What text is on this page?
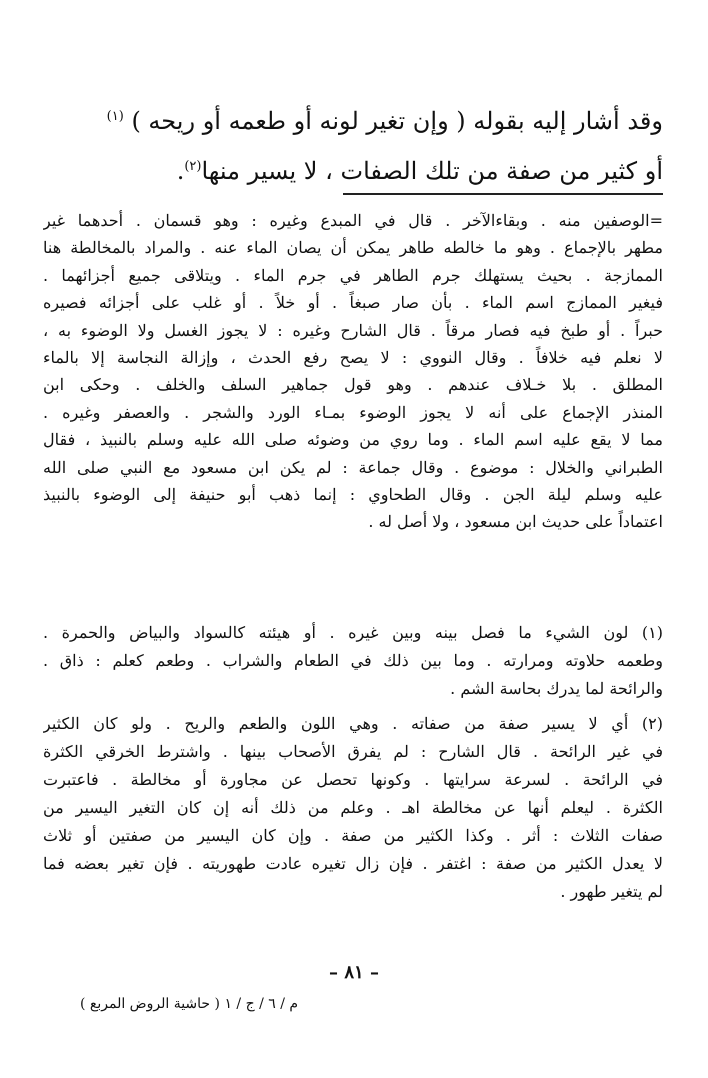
وقد أشار إليه بقوله ( وإن تغير لونه أو طعمه أو ريحه ) $^{(١)}$
أو كثير من صفة من تلك الصفات ، لا يسير منها$^{(٢)}$.
=الوصفين منه . وبقاءالآخر . قال في المبدع وغيره : وهو قسمان . أحدهما غير
مطهر بالإجماع . وهو ما خالطه طاهر يمكن أن يصان الماء عنه . والمراد بالمخالطة هنا
الممازجة . بحيث يستهلك جرم الطاهر في جرم الماء . ويتلاقى جميع أجزائهما .
فيغير الممازج اسم الماء . بأن صار صبغاً . أو خلاً . أو غلب على أجزائه فصيره
حبراً . أو طبخ فيه فصار مرقاً . قال الشارح وغيره : لا يجوز الغسل ولا الوضوء به ،
لا نعلم فيه خلافاً . وقال النووي : لا يصح رفع الحدث ، وإزالة النجاسة إلا بالماء
المطلق . بلا خـلاف عندهم . وهو قول جماهير السلف والخلف . وحكى ابن
المنذر الإجماع على أنه لا يجوز الوضوء بمـاء الورد والشجر . والعصفر وغيره .
مما لا يقع عليه اسم الماء . وما روي من وضوئه صلى الله عليه وسلم بالنبيذ ، فقال
الطبراني والخلال : موضوع . وقال جماعة : لم يكن ابن مسعود مع النبي صلى الله
عليه وسلم ليلة الجن . وقال الطحاوي : إنما ذهب أبو حنيفة إلى الوضوء بالنبيذ
اعتماداً على حديث ابن مسعود ، ولا أصل له .
(١) لون الشيء ما فصل بينه وبين غيره . أو هيئته كالسواد والبياض والحمرة .
وطعمه حلاوته ومرارته . وما بين ذلك في الطعام والشراب . وطعم كعلم : ذاق .
والرائحة لما يدرك بحاسة الشم .
(٢) أي لا يسير صفة من صفاته . وهي اللون والطعم والريح . ولو كان الكثير
في غير الرائحة . قال الشارح : لم يفرق الأصحاب بينها . واشترط الخرقي الكثرة
في الرائحة . لسرعة سرايتها . وكونها تحصل عن مجاورة أو مخالطة . فاعتبرت
الكثرة . ليعلم أنها عن مخالطة اهـ . وعلم من ذلك أنه إن كان التغير اليسير من
صفات الثلاث : أثر . وكذا الكثير من صفة . وإن كان اليسير من صفتين أو ثلاث
لا يعدل الكثير من صفة : اغتفر . فإن زال تغيره عادت طهوريته . فإن تغير بعضه فما
لم يتغير طهور .
– ٨١ –
م / ٦ / ج / ١ ( حاشية الروض المربع )
